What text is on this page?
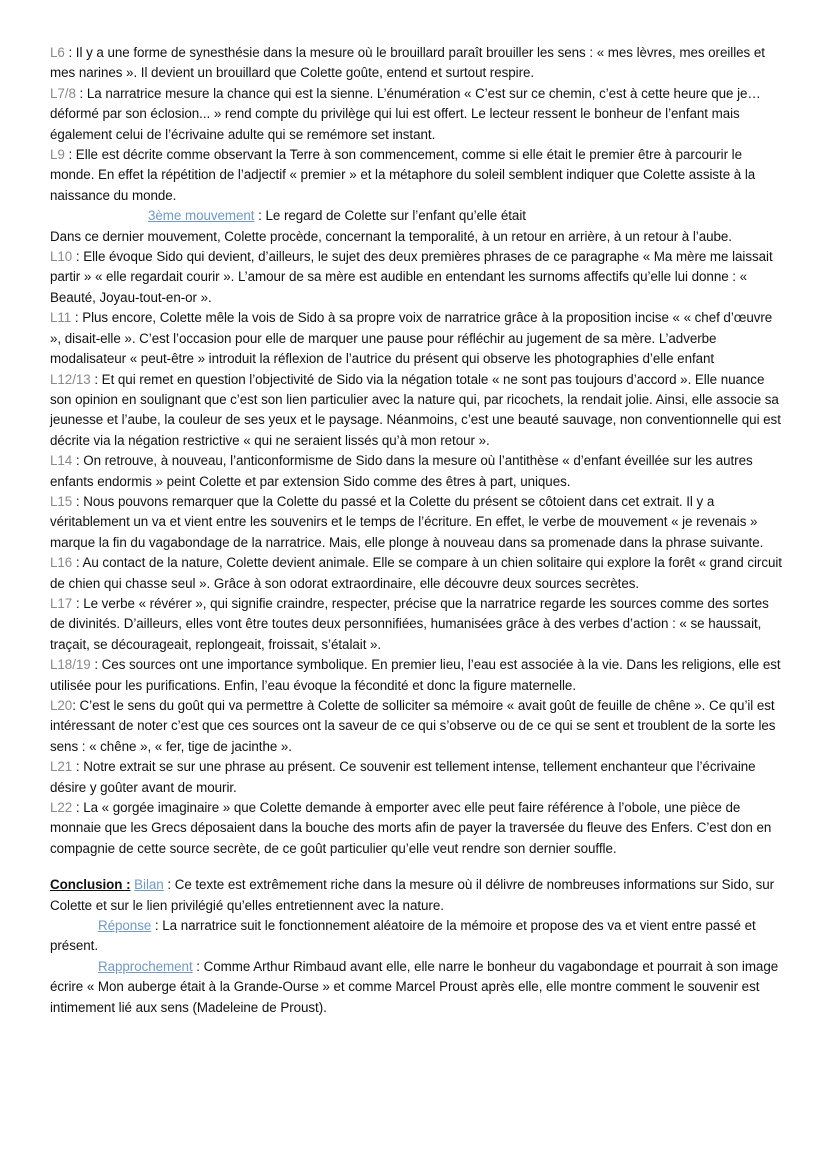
L6 : Il y a une forme de synesthésie dans la mesure où le brouillard paraît brouiller les sens : « mes lèvres, mes oreilles et mes narines ». Il devient un brouillard que Colette goûte, entend et surtout respire.

L7/8 : La narratrice mesure la chance qui est la sienne. L’énumération « C’est sur ce chemin, c’est à cette heure que je… déformé par son éclosion... » rend compte du privilège qui lui est offert. Le lecteur ressent le bonheur de l’enfant mais également celui de l’écrivaine adulte qui se remémore set instant.

L9 : Elle est décrite comme observant la Terre à son commencement, comme si elle était le premier être à parcourir le monde. En effet la répétition de l’adjectif « premier » et la métaphore du soleil semblent indiquer que Colette assiste à la naissance du monde.

3ème mouvement : Le regard de Colette sur l’enfant qu’elle était

Dans ce dernier mouvement, Colette procède, concernant la temporalité, à un retour en arrière, à un retour à l’aube.

L10 : Elle évoque Sido qui devient, d’ailleurs, le sujet des deux premières phrases de ce paragraphe « Ma mère me laissait partir » « elle regardait courir ». L’amour de sa mère est audible en entendant les surnoms affectifs qu’elle lui donne : « Beauté, Joyau-tout-en-or ».

L11 : Plus encore, Colette mêle la vois de Sido à sa propre voix de narratrice grâce à la proposition incise « « chef d’œuvre », disait-elle ». C’est l’occasion pour elle de marquer une pause pour réfléchir au jugement de sa mère. L’adverbe modalisateur « peut-être » introduit la réflexion de l’autrice du présent qui observe les photographies d’elle enfant

L12/13 : Et qui remet en question l’objectivité de Sido via la négation totale « ne sont pas toujours d’accord ». Elle nuance son opinion en soulignant que c’est son lien particulier avec la nature qui, par ricochets, la rendait jolie. Ainsi, elle associe sa jeunesse et l’aube, la couleur de ses yeux et le paysage. Néanmoins, c’est une beauté sauvage, non conventionnelle qui est décrite via la négation restrictive « qui ne seraient lissés qu’à mon retour ».

L14 : On retrouve, à nouveau, l’anticonformisme de Sido dans la mesure où l’antithèse « d’enfant éveillée sur les autres enfants endormis » peint Colette et par extension Sido comme des êtres à part, uniques.

L15 : Nous pouvons remarquer que la Colette du passé et la Colette du présent se côtoient dans cet extrait. Il y a véritablement un va et vient entre les souvenirs et le temps de l’écriture. En effet, le verbe de mouvement « je revenais » marque la fin du vagabondage de la narratrice. Mais, elle plonge à nouveau dans sa promenade dans la phrase suivante.

L16 : Au contact de la nature, Colette devient animale. Elle se compare à un chien solitaire qui explore la forêt « grand circuit de chien qui chasse seul ». Grâce à son odorat extraordinaire, elle découvre deux sources secrètes.

L17 : Le verbe « révérer », qui signifie craindre, respecter, précise que la narratrice regarde les sources comme des sortes de divinités. D’ailleurs, elles vont être toutes deux personnifiées, humanisées grâce à des verbes d’action : « se haussait, traçait, se décourageait, replongeait, froissait, s’étalait ».

L18/19 : Ces sources ont une importance symbolique. En premier lieu, l’eau est associée à la vie. Dans les religions, elle est utilisée pour les purifications. Enfin, l’eau évoque la fécondité et donc la figure maternelle.

L20: C’est le sens du goût qui va permettre à Colette de solliciter sa mémoire « avait goût de feuille de chêne ». Ce qu’il est intéressant de noter c’est que ces sources ont la saveur de ce qui s’observe ou de ce qui se sent et troublent de la sorte les sens : « chêne », « fer, tige de jacinthe ».

L21 : Notre extrait se sur une phrase au présent. Ce souvenir est tellement intense, tellement enchanteur que l’écrivaine désire y goûter avant de mourir.

L22 : La « gorgée imaginaire » que Colette demande à emporter avec elle peut faire référence à l’obole, une pièce de monnaie que les Grecs déposaient dans la bouche des morts afin de payer la traversée du fleuve des Enfers. C’est don en compagnie de cette source secrète, de ce goût particulier qu’elle veut rendre son dernier souffle.

Conclusion : Bilan : Ce texte est extrêmement riche dans la mesure où il délivre de nombreuses informations sur Sido, sur Colette et sur le lien privilégié qu’elles entretiennent avec la nature.

Réponse : La narratrice suit le fonctionnement aléatoire de la mémoire et propose des va et vient entre passé et présent.

Rapprochement : Comme Arthur Rimbaud avant elle, elle narre le bonheur du vagabondage et pourrait à son image écrire « Mon auberge était à la Grande-Ourse » et comme Marcel Proust après elle, elle montre comment le souvenir est intimement lié aux sens (Madeleine de Proust).
